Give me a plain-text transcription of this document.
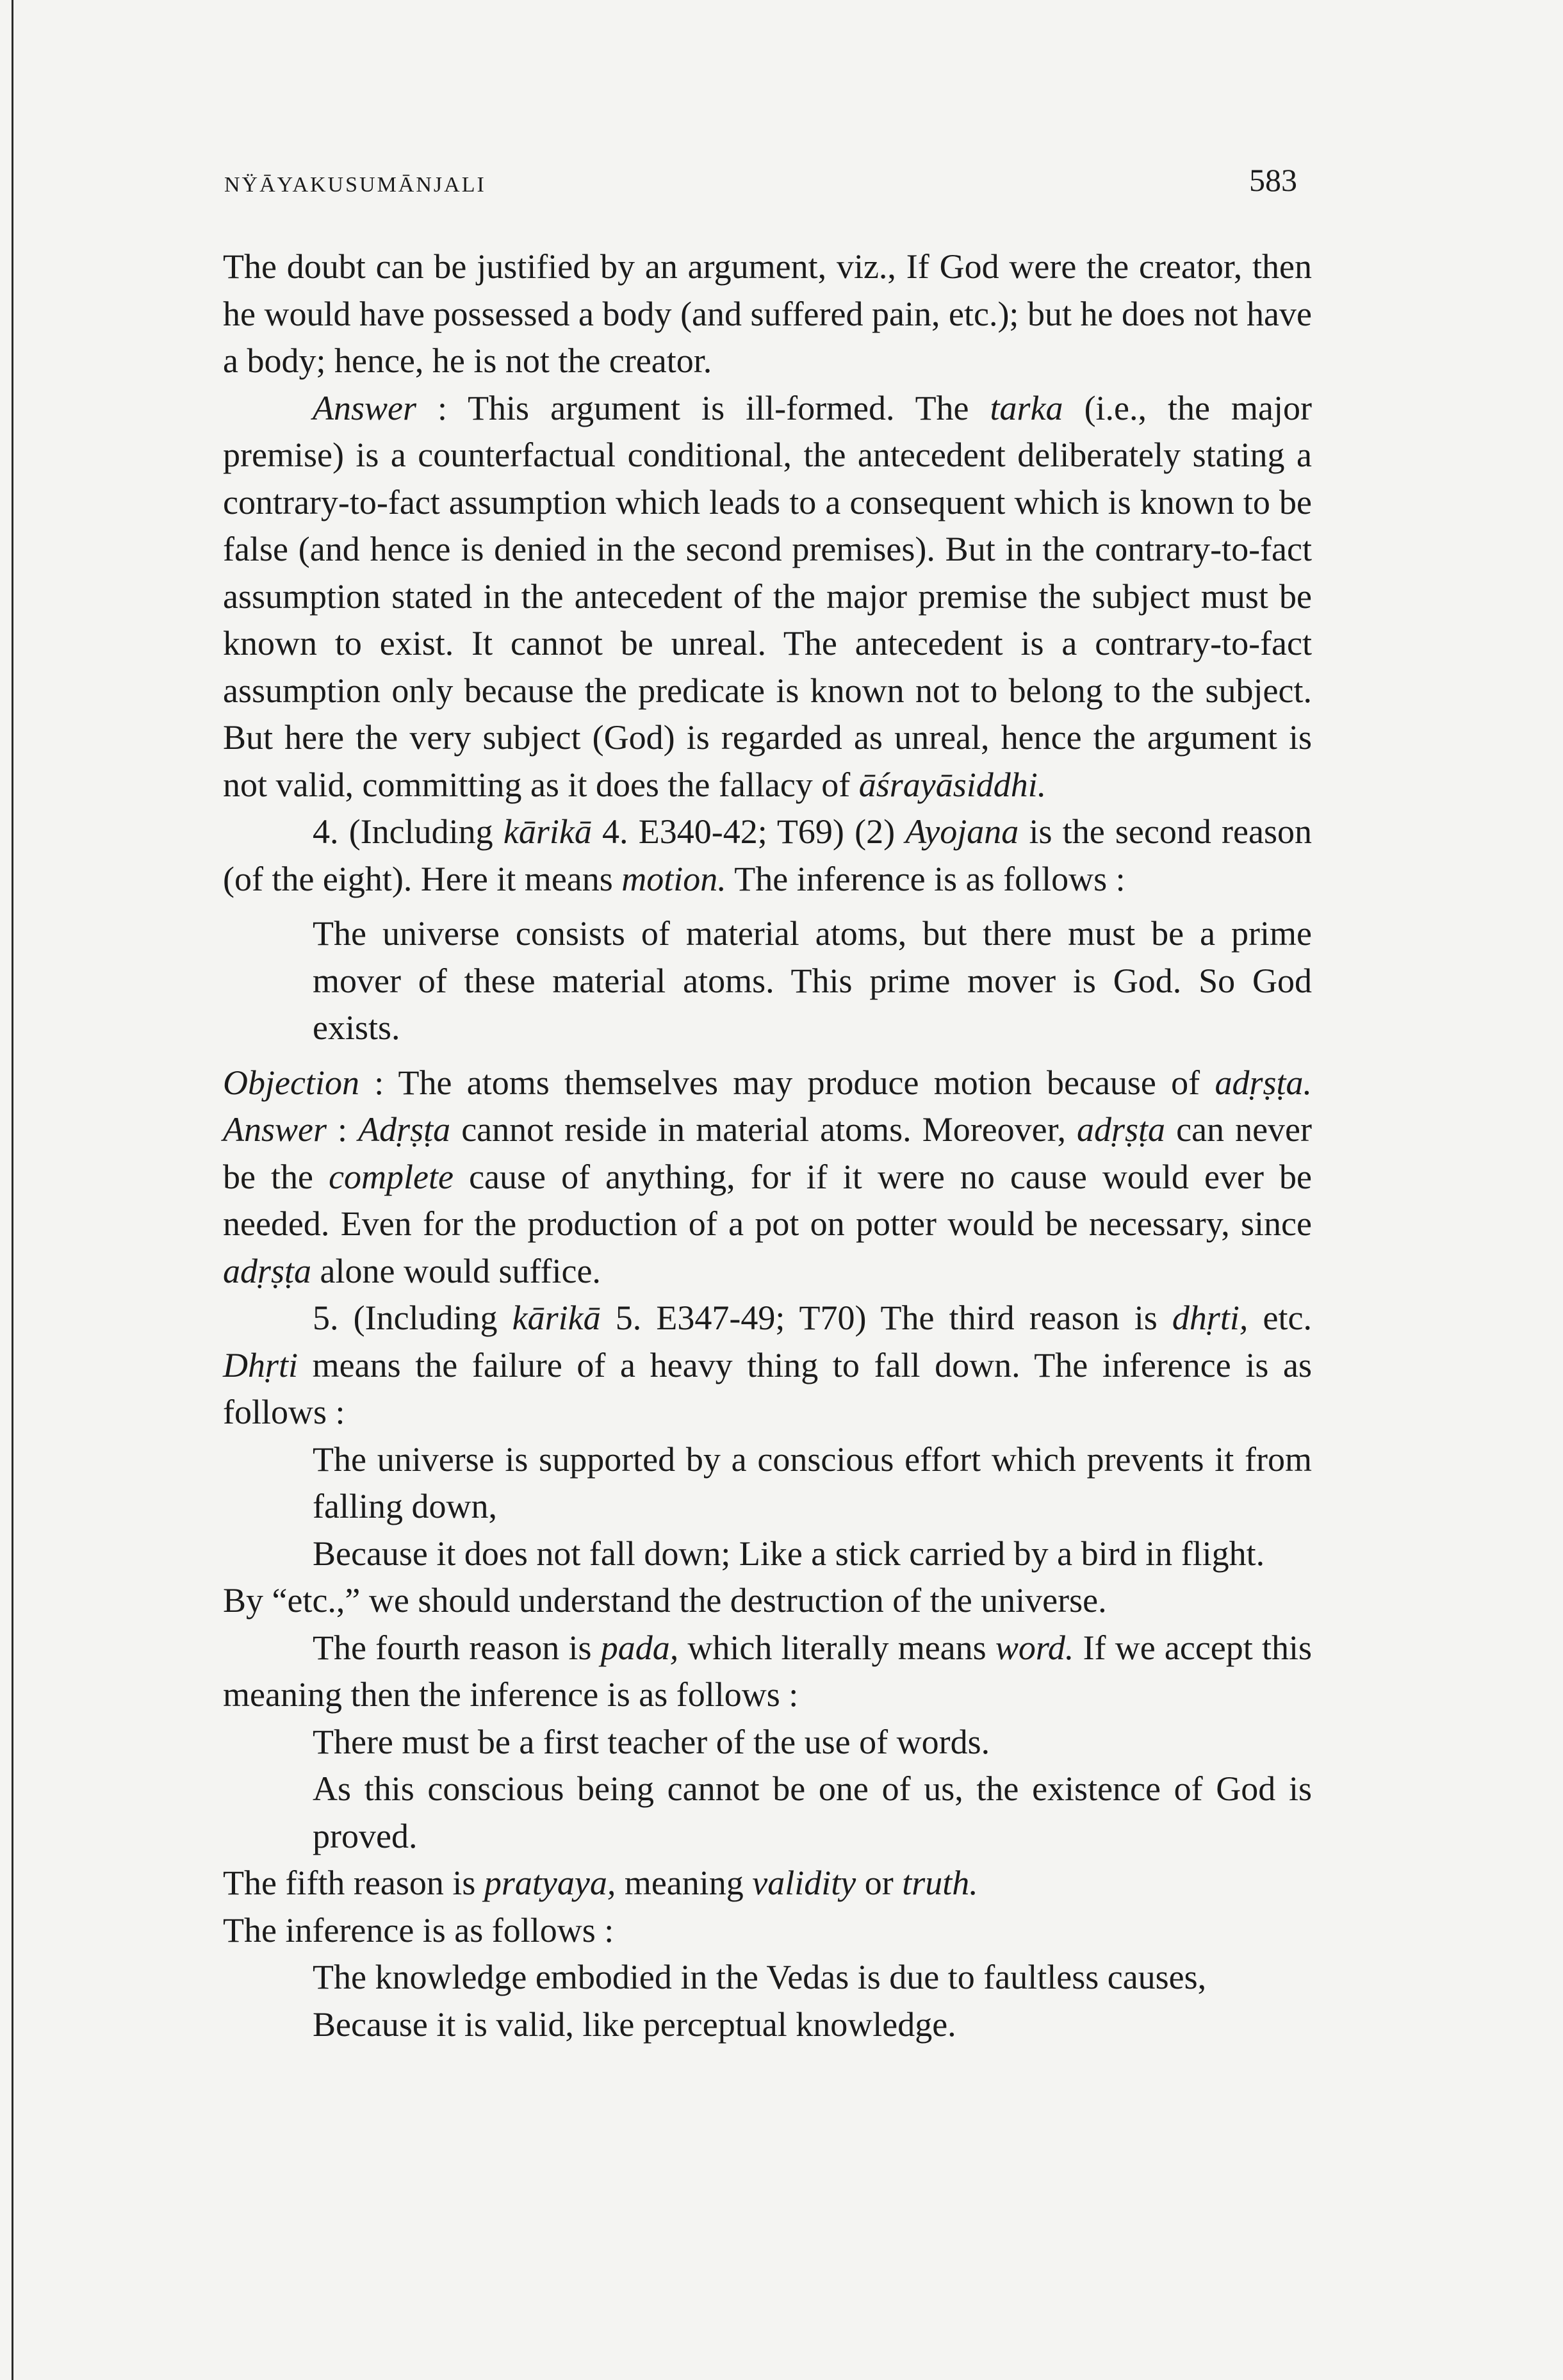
NŸĀYAKUSUMĀNJALI	583

The doubt can be justified by an argument, viz., If God were the creator, then he would have possessed a body (and suffered pain, etc.); but he does not have a body; hence, he is not the creator.

Answer : This argument is ill-formed. The tarka (i.e., the major premise) is a counterfactual conditional, the antecedent deliberately stating a contrary-to-fact assumption which leads to a consequent which is known to be false (and hence is denied in the second premises). But in the contrary-to-fact assumption stated in the antecedent of the major premise the subject must be known to exist. It cannot be unreal. The antecedent is a contrary-to-fact assumption only because the predicate is known not to belong to the subject. But here the very subject (God) is regarded as unreal, hence the argument is not valid, committing as it does the fallacy of āśrayāsiddhi.

4. (Including kārikā 4. E340-42; T69) (2) Ayojana is the second reason (of the eight). Here it means motion. The inference is as follows :

The universe consists of material atoms, but there must be a prime mover of these material atoms. This prime mover is God. So God exists.

Objection : The atoms themselves may produce motion because of adṛṣṭa. Answer : Adṛṣṭa cannot reside in material atoms. Moreover, adṛṣṭa can never be the complete cause of anything, for if it were no cause would ever be needed. Even for the production of a pot on potter would be necessary, since adṛṣṭa alone would suffice.

5. (Including kārikā 5. E347-49; T70) The third reason is dhṛti, etc. Dhṛti means the failure of a heavy thing to fall down. The inference is as follows :

The universe is supported by a conscious effort which prevents it from falling down,

Because it does not fall down; Like a stick carried by a bird in flight.

By “etc.,” we should understand the destruction of the universe.

The fourth reason is pada, which literally means word. If we accept this meaning then the inference is as follows :

There must be a first teacher of the use of words.

As this conscious being cannot be one of us, the existence of God is proved.

The fifth reason is pratyaya, meaning validity or truth.

The inference is as follows :

The knowledge embodied in the Vedas is due to faultless causes,

Because it is valid, like perceptual knowledge.
